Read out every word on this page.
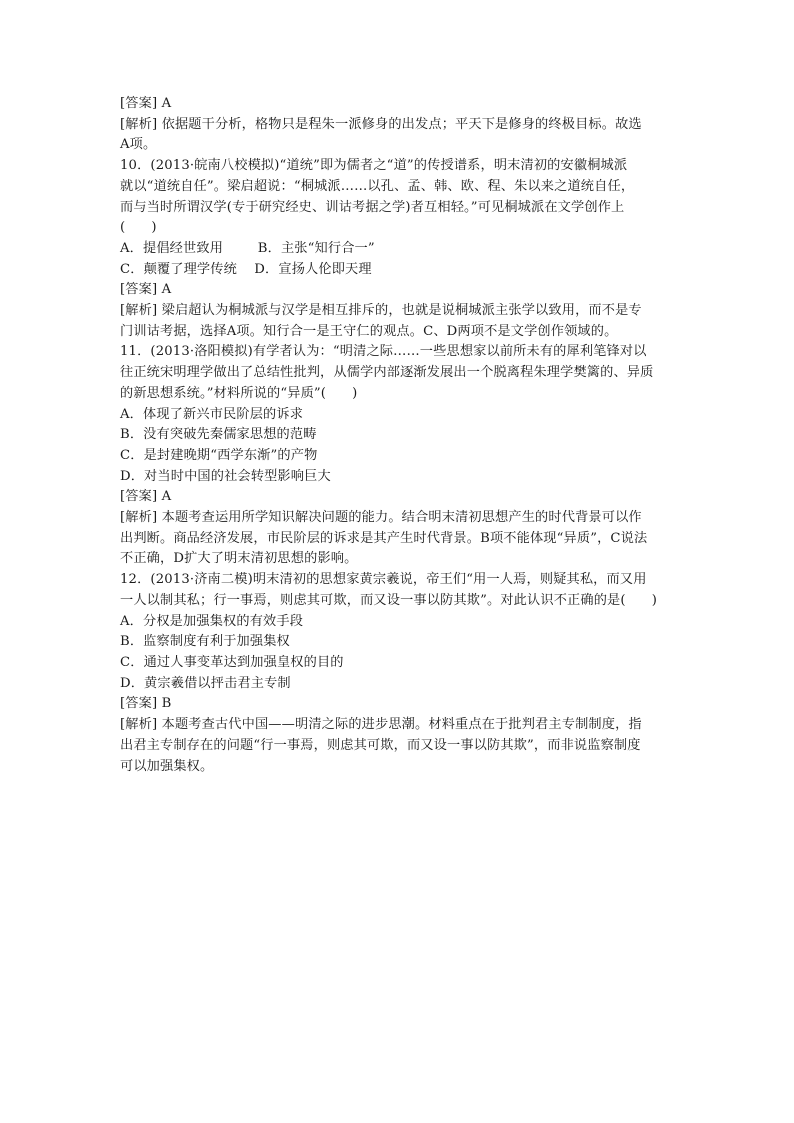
[答案] A
[解析] 依据题干分析，格物只是程朱一派修身的出发点；平天下是修身的终极目标。故选
A项。
10．(2013·皖南八校模拟)“道统”即为儒者之“道”的传授谱系，明末清初的安徽桐城派
就以“道统自任”。梁启超说：“桐城派……以孔、孟、韩、欧、程、朱以来之道统自任，
而与当时所谓汉学(专于研究经史、训诂考据之学)者互相轻。”可见桐城派在文学创作上
(      )
A．提倡经世致用        B．主张“知行合一”
C．颠覆了理学传统    D．宣扬人伦即天理
[答案] A
[解析] 梁启超认为桐城派与汉学是相互排斥的，也就是说桐城派主张学以致用，而不是专
门训诂考据，选择A项。知行合一是王守仁的观点。C、D两项不是文学创作领域的。
11．(2013·洛阳模拟)有学者认为：“明清之际……一些思想家以前所未有的犀利笔锋对以
往正统宋明理学做出了总结性批判，从儒学内部逐渐发展出一个脱离程朱理学樊篱的、异质
的新思想系统。”材料所说的“异质”(      )
A．体现了新兴市民阶层的诉求
B．没有突破先秦儒家思想的范畴
C．是封建晚期“西学东渐”的产物
D．对当时中国的社会转型影响巨大
[答案] A
[解析] 本题考查运用所学知识解决问题的能力。结合明末清初思想产生的时代背景可以作
出判断。商品经济发展，市民阶层的诉求是其产生时代背景。B项不能体现“异质”，C说法
不正确，D扩大了明末清初思想的影响。
12．(2013·济南二模)明末清初的思想家黄宗羲说，帝王们“用一人焉，则疑其私，而又用
一人以制其私；行一事焉，则虑其可欺，而又设一事以防其欺”。对此认识不正确的是(      )
A．分权是加强集权的有效手段
B．监察制度有利于加强集权
C．通过人事变革达到加强皇权的目的
D．黄宗羲借以抨击君主专制
[答案] B
[解析] 本题考查古代中国——明清之际的进步思潮。材料重点在于批判君主专制制度，指
出君主专制存在的问题“行一事焉，则虑其可欺，而又设一事以防其欺”，而非说监察制度
可以加强集权。
